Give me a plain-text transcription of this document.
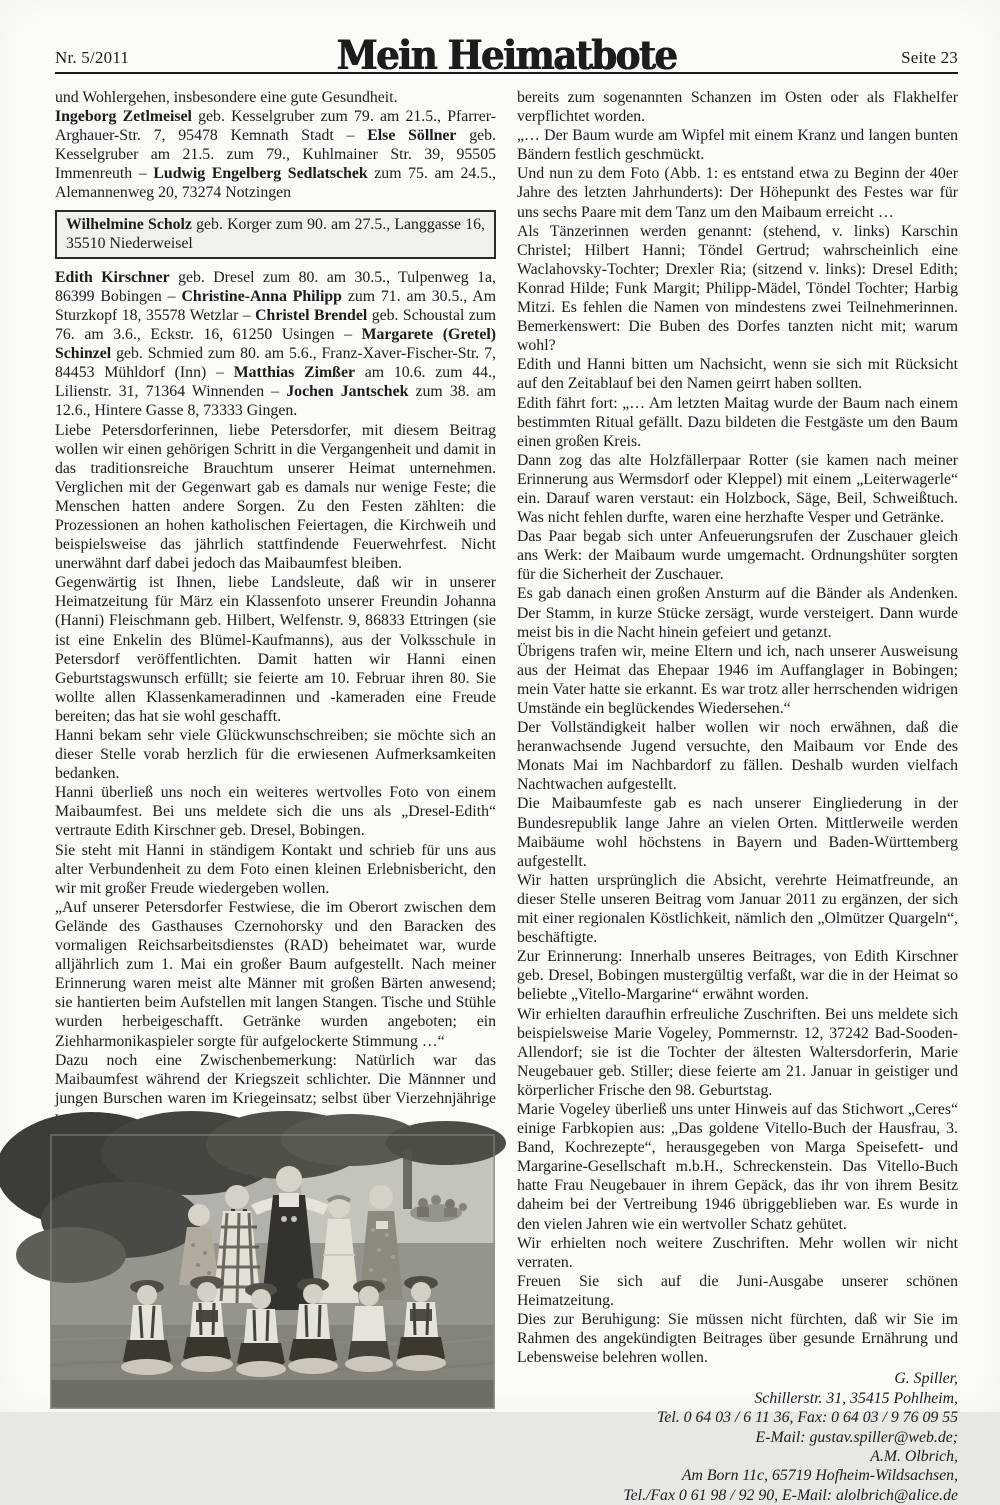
Nr. 5/2011	Mein Heimatbote	Seite 23

und Wohlergehen, insbesondere eine gute Gesundheit.

Ingeborg Zetlmeisel geb. Kesselgruber zum 79. am 21.5., Pfarrer-Arghauer-Str. 7, 95478 Kemnath Stadt – Else Söllner geb. Kesselgruber am 21.5. zum 79., Kuhlmainer Str. 39, 95505 Immenreuth – Ludwig Engelberg Sedlatschek zum 75. am 24.5., Alemannenweg 20, 73274 Notzingen

Wilhelmine Scholz geb. Korger zum 90. am 27.5., Langgasse 16, 35510 Niederweisel

Edith Kirschner geb. Dresel zum 80. am 30.5., Tulpenweg 1a, 86399 Bobingen – Christine-Anna Philipp zum 71. am 30.5., Am Sturzkopf 18, 35578 Wetzlar – Christel Brendel geb. Schoustal zum 76. am 3.6., Eckstr. 16, 61250 Usingen – Margarete (Gretel) Schinzel geb. Schmied zum 80. am 5.6., Franz-Xaver-Fischer-Str. 7, 84453 Mühldorf (Inn) – Matthias Zimßer am 10.6. zum 44., Lilienstr. 31, 71364 Winnenden – Jochen Jantschek zum 38. am 12.6., Hintere Gasse 8, 73333 Gingen.

Liebe Petersdorferinnen, liebe Petersdorfer, mit diesem Beitrag wollen wir einen gehörigen Schritt in die Vergangenheit und damit in das traditionsreiche Brauchtum unserer Heimat unternehmen. Verglichen mit der Gegenwart gab es damals nur wenige Feste; die Menschen hatten andere Sorgen. Zu den Festen zählten: die Prozessionen an hohen katholischen Feiertagen, die Kirchweih und beispielsweise das jährlich stattfindende Feuerwehrfest. Nicht unerwähnt darf dabei jedoch das Maibaumfest bleiben.

Gegenwärtig ist Ihnen, liebe Landsleute, daß wir in unserer Heimatzeitung für März ein Klassenfoto unserer Freundin Johanna (Hanni) Fleischmann geb. Hilbert, Welfenstr. 9, 86833 Ettringen (sie ist eine Enkelin des Blümel-Kaufmanns), aus der Volksschule in Petersdorf veröffentlichten. Damit hatten wir Hanni einen Geburtstagswunsch erfüllt; sie feierte am 10. Februar ihren 80. Sie wollte allen Klassenkameradinnen und -kameraden eine Freude bereiten; das hat sie wohl geschafft.

Hanni bekam sehr viele Glückwunschschreiben; sie möchte sich an dieser Stelle vorab herzlich für die erwiesenen Aufmerksamkeiten bedanken.

Hanni überließ uns noch ein weiteres wertvolles Foto von einem Maibaumfest. Bei uns meldete sich die uns als „Dresel-Edith“ vertraute Edith Kirschner geb. Dresel, Bobingen.

Sie steht mit Hanni in ständigem Kontakt und schrieb für uns aus alter Verbundenheit zu dem Foto einen kleinen Erlebnisbericht, den wir mit großer Freude wiedergeben wollen.

„Auf unserer Petersdorfer Festwiese, die im Oberort zwischen dem Gelände des Gasthauses Czernohorsky und den Baracken des vormaligen Reichsarbeitsdienstes (RAD) beheimatet war, wurde alljährlich zum 1. Mai ein großer Baum aufgestellt. Nach meiner Erinnerung waren meist alte Männer mit großen Bärten anwesend; sie hantierten beim Aufstellen mit langen Stangen. Tische und Stühle wurden herbeigeschafft. Getränke wurden angeboten; ein Ziehharmonikaspieler sorgte für aufgelockerte Stimmung …“

Dazu noch eine Zwischenbemerkung: Natürlich war das Maibaumfest während der Kriegszeit schlichter. Die Männner und jungen Burschen waren im Kriegeinsatz; selbst über Vierzehnjährige

bereits zum sogenannten Schanzen im Osten oder als Flakhelfer verpflichtet worden.

„… Der Baum wurde am Wipfel mit einem Kranz und langen bunten Bändern festlich geschmückt.

Und nun zu dem Foto (Abb. 1: es entstand etwa zu Beginn der 40er Jahre des letzten Jahrhunderts): Der Höhepunkt des Festes war für uns sechs Paare mit dem Tanz um den Maibaum erreicht …

Als Tänzerinnen werden genannt: (stehend, v. links) Karschin Christel; Hilbert Hanni; Töndel Gertrud; wahrscheinlich eine Waclahovsky-Tochter; Drexler Ria; (sitzend v. links): Dresel Edith; Konrad Hilde; Funk Margit; Philipp-Mädel, Töndel Tochter; Harbig Mitzi. Es fehlen die Namen von mindestens zwei Teilnehmerinnen. Bemerkenswert: Die Buben des Dorfes tanzten nicht mit; warum wohl?

Edith und Hanni bitten um Nachsicht, wenn sie sich mit Rücksicht auf den Zeitablauf bei den Namen geirrt haben sollten.

Edith fährt fort: „… Am letzten Maitag wurde der Baum nach einem bestimmten Ritual gefällt. Dazu bildeten die Festgäste um den Baum einen großen Kreis.

Dann zog das alte Holzfällerpaar Rotter (sie kamen nach meiner Erinnerung aus Wermsdorf oder Kleppel) mit einem „Leiterwagerle“ ein. Darauf waren verstaut: ein Holzbock, Säge, Beil, Schweißtuch. Was nicht fehlen durfte, waren eine herzhafte Vesper und Getränke.

Das Paar begab sich unter Anfeuerungsrufen der Zuschauer gleich ans Werk: der Maibaum wurde umgemacht. Ordnungshüter sorgten für die Sicherheit der Zuschauer.

Es gab danach einen großen Ansturm auf die Bänder als Andenken. Der Stamm, in kurze Stücke zersägt, wurde versteigert. Dann wurde meist bis in die Nacht hinein gefeiert und getanzt.

Übrigens trafen wir, meine Eltern und ich, nach unserer Ausweisung aus der Heimat das Ehepaar 1946 im Auffanglager in Bobingen; mein Vater hatte sie erkannt. Es war trotz aller herrschenden widrigen Umstände ein beglückendes Wiedersehen.“

Der Vollständigkeit halber wollen wir noch erwähnen, daß die heranwachsende Jugend versuchte, den Maibaum vor Ende des Monats Mai im Nachbardorf zu fällen. Deshalb wurden vielfach Nachtwachen aufgestellt.

Die Maibaumfeste gab es nach unserer Eingliederung in der Bundesrepublik lange Jahre an vielen Orten. Mittlerweile werden Maibäume wohl höchstens in Bayern und Baden-Württemberg aufgestellt.

Wir hatten ursprünglich die Absicht, verehrte Heimatfreunde, an dieser Stelle unseren Beitrag vom Januar 2011 zu ergänzen, der sich mit einer regionalen Köstlichkeit, nämlich den „Olmützer Quargeln“, beschäftigte.

Zur Erinnerung: Innerhalb unseres Beitrages, von Edith Kirschner geb. Dresel, Bobingen mustergültig verfaßt, war die in der Heimat so beliebte „Vitello-Margarine“ erwähnt worden.

Wir erhielten daraufhin erfreuliche Zuschriften. Bei uns meldete sich beispielsweise Marie Vogeley, Pommernstr. 12, 37242 Bad-Sooden-Allendorf; sie ist die Tochter der ältesten Waltersdorferin, Marie Neugebauer geb. Stiller; diese feierte am 21. Januar in geistiger und körperlicher Frische den 98. Geburtstag.

Marie Vogeley überließ uns unter Hinweis auf das Stichwort „Ceres“ einige Farbkopien aus: „Das goldene Vitello-Buch der Hausfrau, 3. Band, Kochrezepte“, herausgegeben von Marga Speisefett- und Margarine-Gesellschaft m.b.H., Schreckenstein. Das Vitello-Buch hatte Frau Neugebauer in ihrem Gepäck, das ihr von ihrem Besitz daheim bei der Vertreibung 1946 übriggeblieben war. Es wurde in den vielen Jahren wie ein wertvoller Schatz gehütet.

Wir erhielten noch weitere Zuschriften. Mehr wollen wir nicht verraten.

Freuen Sie sich auf die Juni-Ausgabe unserer schönen Heimatzeitung.

Dies zur Beruhigung: Sie müssen nicht fürchten, daß wir Sie im Rahmen des angekündigten Beitrages über gesunde Ernährung und Lebensweise belehren wollen.

G. Spiller,
Schillerstr. 31, 35415 Pohlheim,
Tel. 0 64 03 / 6 11 36, Fax: 0 64 03 / 9 76 09 55
E-Mail: gustav.spiller@web.de;
A.M. Olbrich,
Am Born 11c, 65719 Hofheim-Wildsachsen,
Tel./Fax 0 61 98 / 92 90, E-Mail: alolbrich@alice.de
